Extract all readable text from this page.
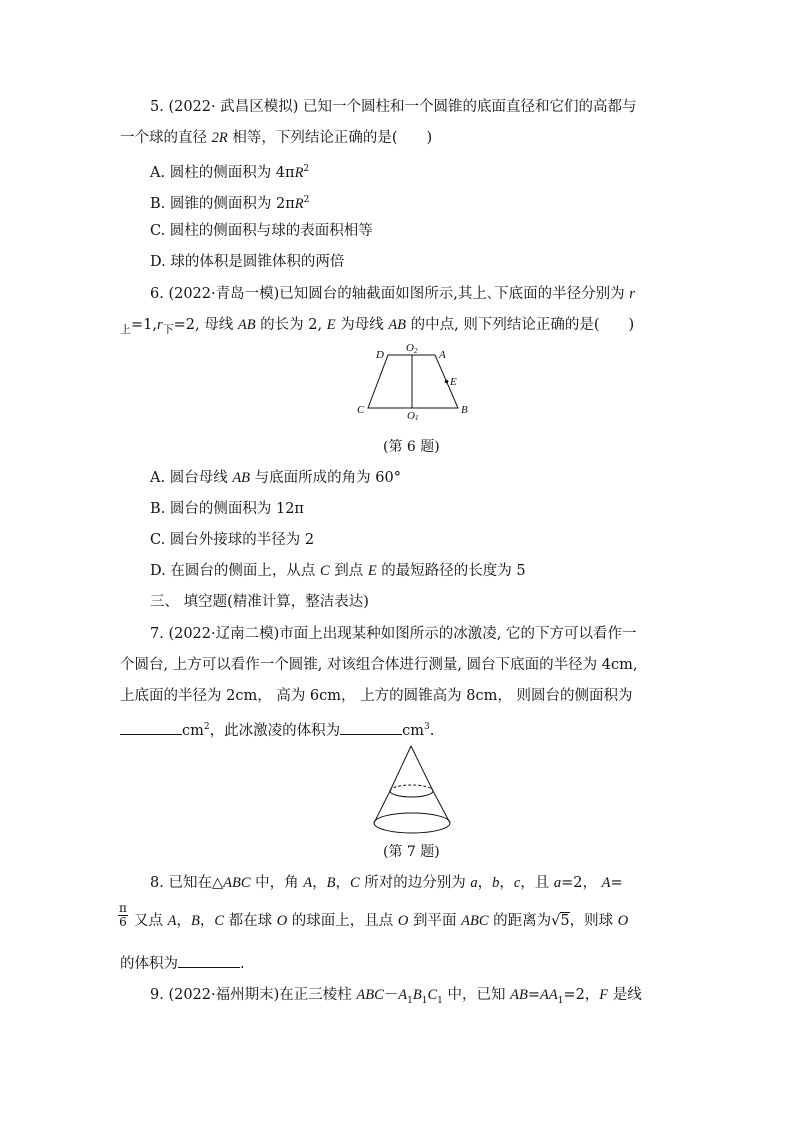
5. (2022· 武昌区模拟) 已知一个圆柱和一个圆锥的底面直径和它们的高都与
一个球的直径 2R 相等，下列结论正确的是(　　)
A. 圆柱的侧面积为 $4\pi R^2$
B. 圆锥的侧面积为 $2\pi R^2$
C. 圆柱的侧面积与球的表面积相等
D. 球的体积是圆锥体积的两倍
6. (2022·青岛一模)已知圆台的轴截面如图所示,其上､下底面的半径分别为 r
$_上=1,r_下=2$, 母线 AB 的长为 2, E 为母线 AB 的中点, 则下列结论正确的是(　　)
D
O 2 A
E
C	O 1
B
(第 6 题)
A. 圆台母线 AB 与底面所成的角为 60°
B. 圆台的侧面积为 12π
C. 圆台外接球的半径为 2
D. 在圆台的侧面上，从点 C 到点 E 的最短路径的长度为 5
三、 填空题(精准计算，整洁表达)
7. (2022·辽南二模)市面上出现某种如图所示的冰激凌, 它的下方可以看作一
个圆台, 上方可以看作一个圆锥, 对该组合体进行测量, 圆台下底面的半径为 4cm,
上底面的半径为 2cm， 高为 6cm， 上方的圆锥高为 8cm， 则圆台的侧面积为
$cm^2$，此冰激凌的体积为	$cm^3$.
(第 7 题)
8. 已知在△ABC 中，角 A，B，C 所对的边分别为 a，b，c，且 a=2， A=
$\frac{\pi}{6}$ 又点 A，B，C 都在球 O 的球面上，且点 O 到平面 ABC 的距离为√5，则球 O
的体积为	.
9. (2022·福州期末)在正三棱柱 $ABC-A_1B_1C_1$ 中，已知 $AB=AA_1=2$，F 是线
